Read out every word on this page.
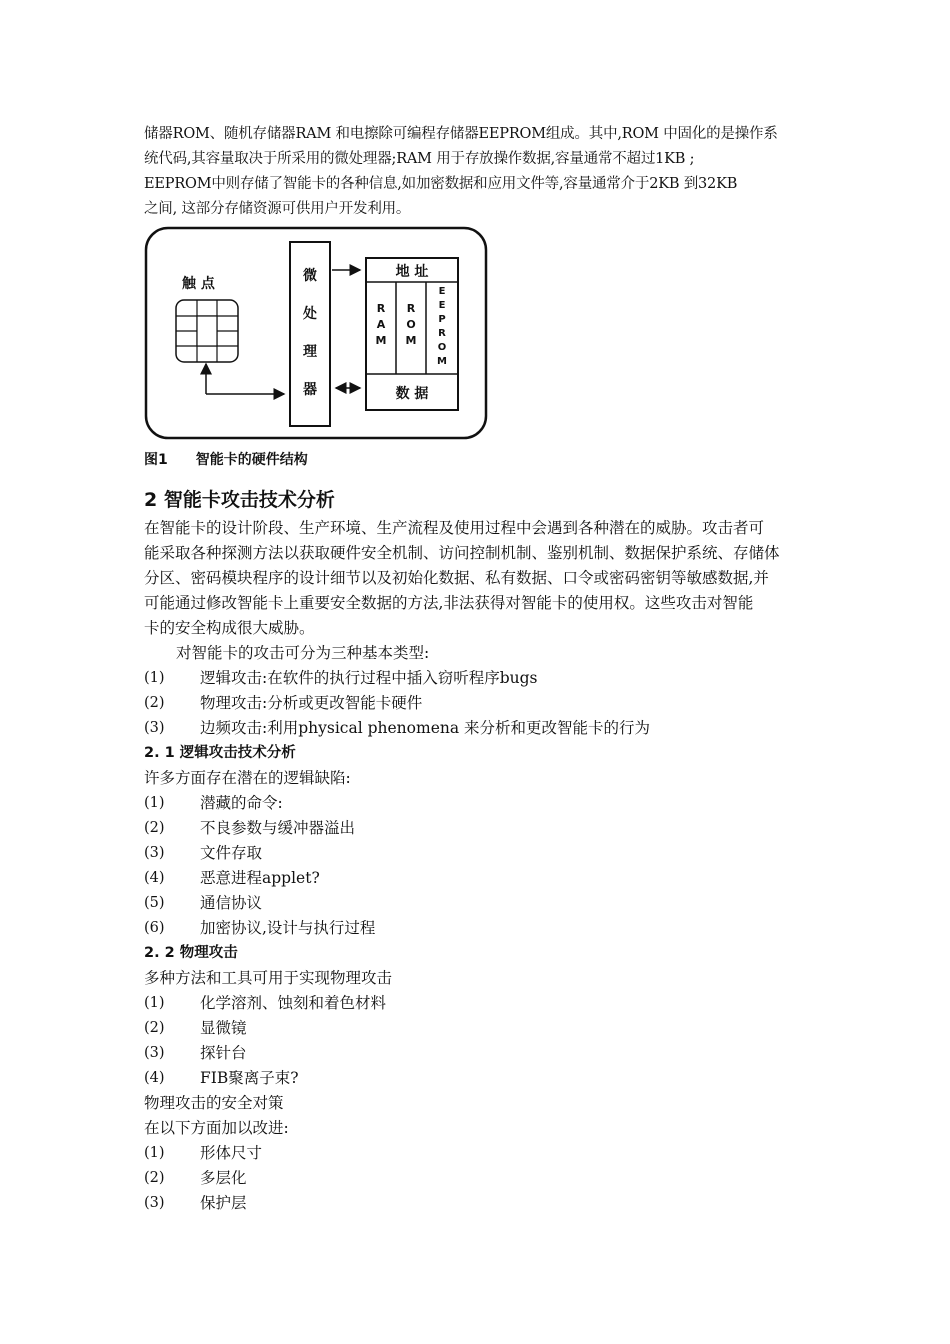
储器ROM、随机存储器RAM 和电擦除可编程存储器EEPROM组成。其中,ROM 中固化的是操作系

统代码,其容量取决于所采用的微处理器;RAM 用于存放操作数据,容量通常不超过1KB ;

EEPROM中则存储了智能卡的各种信息,如加密数据和应用文件等,容量通常介于2KB 到32KB

之间, 这部分存储资源可供用户开发利用。

触 点	微
处
理
器
地 址
数 据
R
A
M
R
O
M
E
E
P
R
O
M
图1 智能卡的硬件结构
2 智能卡攻击技术分析

在智能卡的设计阶段、生产环境、生产流程及使用过程中会遇到各种潜在的威胁。攻击者可

能采取各种探测方法以获取硬件安全机制、访问控制机制、鉴别机制、数据保护系统、存储体

分区、密码模块程序的设计细节以及初始化数据、私有数据、口令或密码密钥等敏感数据,并

可能通过修改智能卡上重要安全数据的方法,非法获得对智能卡的使用权。这些攻击对智能

卡的安全构成很大威胁。

对智能卡的攻击可分为三种基本类型:

(1)	逻辑攻击:在软件的执行过程中插入窃听程序bugs
(2)	物理攻击:分析或更改智能卡硬件
(3)	边频攻击:利用physical phenomena 来分析和更改智能卡的行为
2. 1 逻辑攻击技术分析

许多方面存在潜在的逻辑缺陷:

(1)	潜藏的命令:
(2)	不良参数与缓冲器溢出
(3)	文件存取
(4)	恶意进程applet?
(5)	通信协议
(6)	加密协议,设计与执行过程
2. 2 物理攻击

多种方法和工具可用于实现物理攻击

(1)	化学溶剂、蚀刻和着色材料
(2)	显微镜
(3)	探针台
(4)	FIB聚离子束?

物理攻击的安全对策

在以下方面加以改进:

(1)	形体尺寸
(2)	多层化
(3)	保护层
